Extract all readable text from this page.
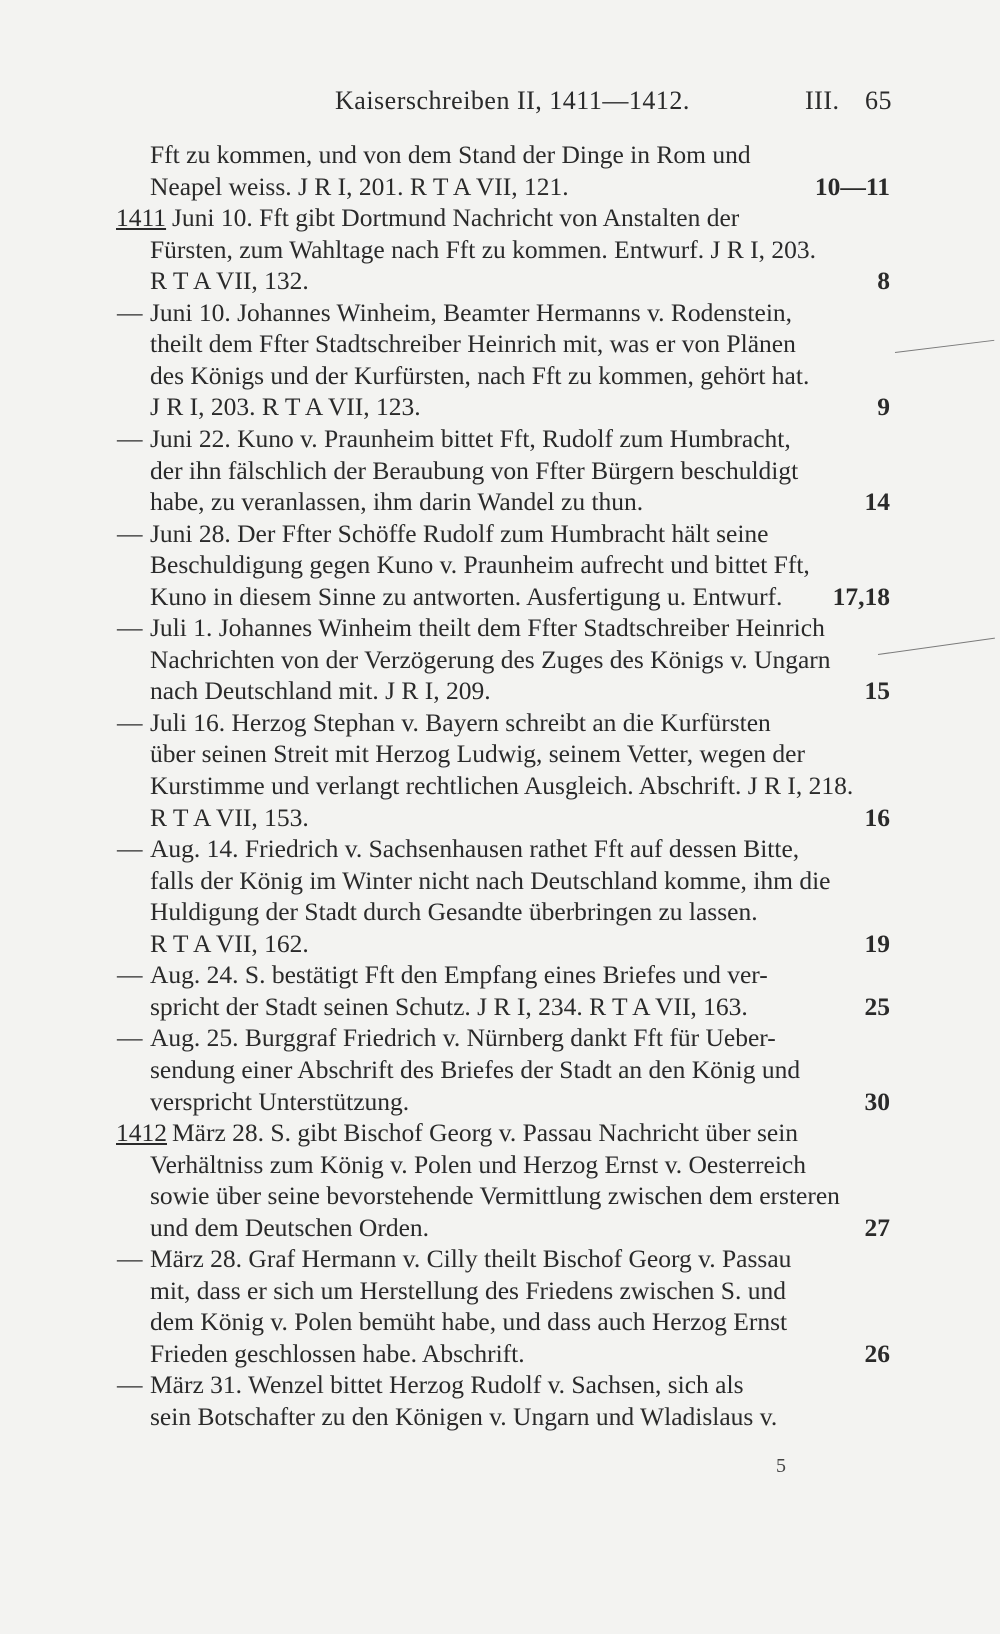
Kaiserschreiben II, 1411—1412.	III. 65
Fft zu kommen, und von dem Stand der Dinge in Rom und
Neapel weiss. J R I, 201. R T A VII, 121.	10—11
1411 Juni 10. Fft gibt Dortmund Nachricht von Anstalten der
Fürsten, zum Wahltage nach Fft zu kommen. Entwurf. J R I, 203.
R T A VII, 132.	8
— Juni 10. Johannes Winheim, Beamter Hermanns v. Rodenstein,
theilt dem Ffter Stadtschreiber Heinrich mit, was er von Plänen
des Königs und der Kurfürsten, nach Fft zu kommen, gehört hat.
J R I, 203. R T A VII, 123.	9
— Juni 22. Kuno v. Praunheim bittet Fft, Rudolf zum Humbracht,
der ihn fälschlich der Beraubung von Ffter Bürgern beschuldigt
habe, zu veranlassen, ihm darin Wandel zu thun.	14
— Juni 28. Der Ffter Schöffe Rudolf zum Humbracht hält seine
Beschuldigung gegen Kuno v. Praunheim aufrecht und bittet Fft,
Kuno in diesem Sinne zu antworten. Ausfertigung u. Entwurf. 17,18
— Juli 1. Johannes Winheim theilt dem Ffter Stadtschreiber Heinrich
Nachrichten von der Verzögerung des Zuges des Königs v. Ungarn
nach Deutschland mit. J R I, 209.	15
— Juli 16. Herzog Stephan v. Bayern schreibt an die Kurfürsten
über seinen Streit mit Herzog Ludwig, seinem Vetter, wegen der
Kurstimme und verlangt rechtlichen Ausgleich. Abschrift. J R I, 218.
R T A VII, 153.	16
— Aug. 14. Friedrich v. Sachsenhausen rathet Fft auf dessen Bitte,
falls der König im Winter nicht nach Deutschland komme, ihm die
Huldigung der Stadt durch Gesandte überbringen zu lassen.
R T A VII, 162.	19
— Aug. 24. S. bestätigt Fft den Empfang eines Briefes und ver-
spricht der Stadt seinen Schutz. J R I, 234. R T A VII, 163.	25
— Aug. 25. Burggraf Friedrich v. Nürnberg dankt Fft für Ueber-
sendung einer Abschrift des Briefes der Stadt an den König und
verspricht Unterstützung.	30
1412 März 28. S. gibt Bischof Georg v. Passau Nachricht über sein
Verhältniss zum König v. Polen und Herzog Ernst v. Oesterreich
sowie über seine bevorstehende Vermittlung zwischen dem ersteren
und dem Deutschen Orden.	27
— März 28. Graf Hermann v. Cilly theilt Bischof Georg v. Passau
mit, dass er sich um Herstellung des Friedens zwischen S. und
dem König v. Polen bemüht habe, und dass auch Herzog Ernst
Frieden geschlossen habe. Abschrift.	26
— März 31. Wenzel bittet Herzog Rudolf v. Sachsen, sich als
sein Botschafter zu den Königen v. Ungarn und Wladislaus v.
5
